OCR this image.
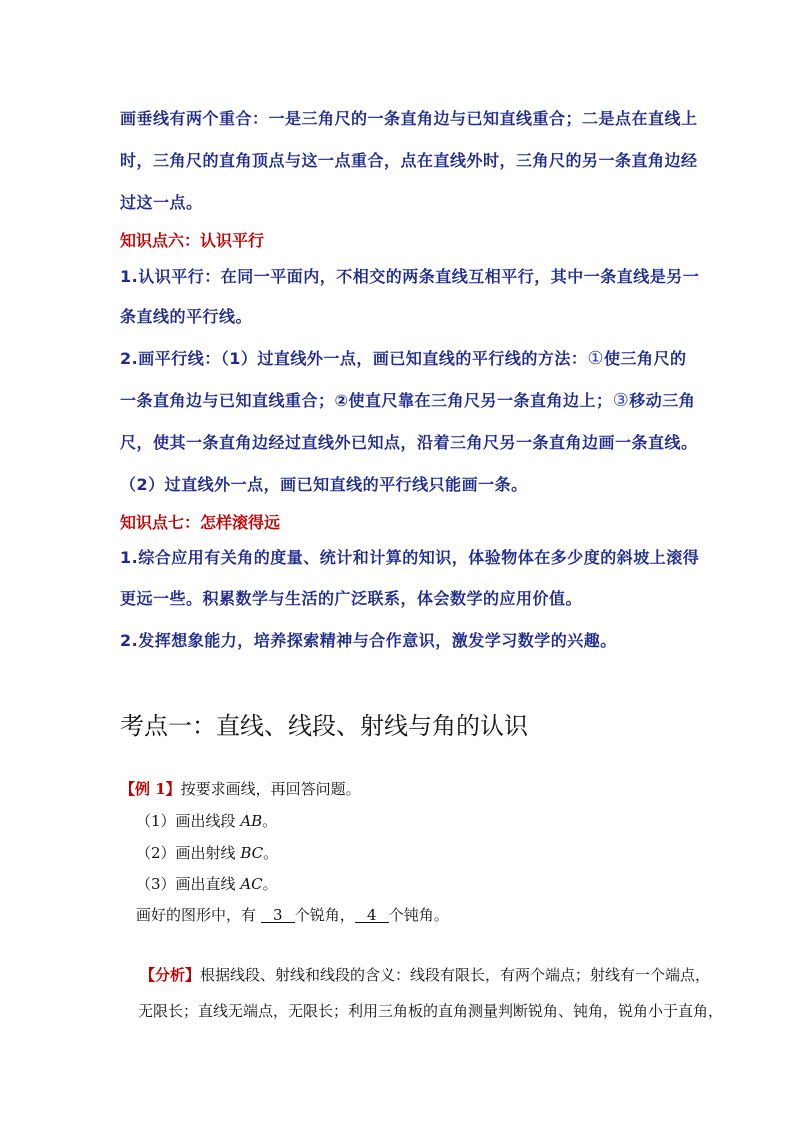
画垂线有两个重合：一是三角尺的一条直角边与已知直线重合；二是点在直线上
时，三角尺的直角顶点与这一点重合，点在直线外时，三角尺的另一条直角边经
过这一点。
知识点六：认识平行
1.认识平行：在同一平面内，不相交的两条直线互相平行，其中一条直线是另一
条直线的平行线。
2.画平行线：（1）过直线外一点，画已知直线的平行线的方法：①使三角尺的
一条直角边与已知直线重合；②使直尺靠在三角尺另一条直角边上；③移动三角
尺，使其一条直角边经过直线外已知点，沿着三角尺另一条直角边画一条直线。
（2）过直线外一点，画已知直线的平行线只能画一条。
知识点七：怎样滚得远
1.综合应用有关角的度量、统计和计算的知识，体验物体在多少度的斜坡上滚得
更远一些。积累数学与生活的广泛联系，体会数学的应用价值。
2.发挥想象能力，培养探索精神与合作意识，激发学习数学的兴趣。
考点一：直线、线段、射线与角的认识
【例 1】按要求画线，再回答问题。
（1）画出线段 AB。
（2）画出射线 BC。
（3）画出直线 AC。
画好的图形中，有 3 个锐角， 4 个钝角。
【分析】根据线段、射线和线段的含义：线段有限长，有两个端点；射线有一个端点，
无限长；直线无端点，无限长；利用三角板的直角测量判断锐角、钝角，锐角小于直角，
